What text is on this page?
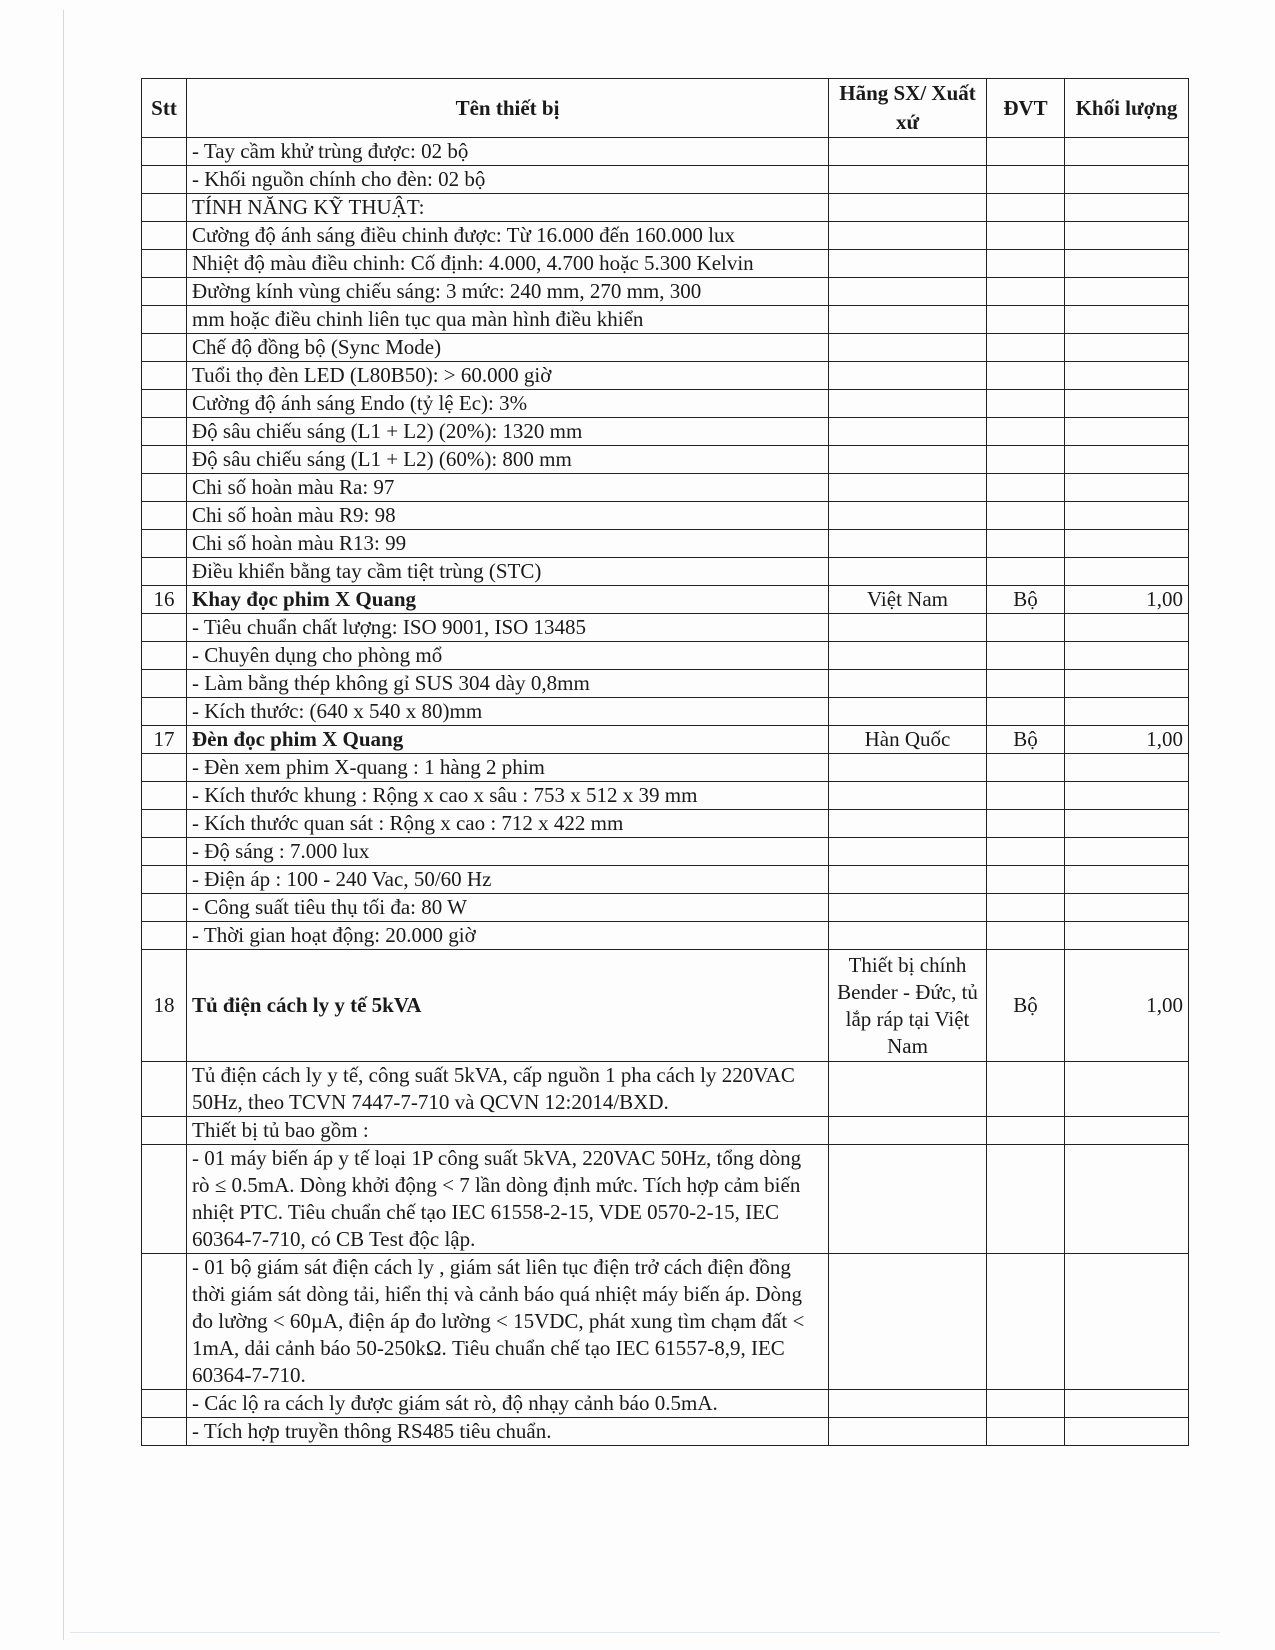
Stt	Tên thiết bị	Hãng SX/ Xuất xứ	ĐVT	Khối lượng
	- Tay cầm khử trùng được: 02 bộ			
	- Khối nguồn chính cho đèn: 02 bộ			
	TÍNH NĂNG KỸ THUẬT:			
	Cường độ ánh sáng điều chinh được: Từ 16.000 đến 160.000 lux			
	Nhiệt độ màu điều chinh: Cố định: 4.000, 4.700 hoặc 5.300 Kelvin			
	Đường kính vùng chiếu sáng: 3 mức: 240 mm, 270 mm, 300			
	mm hoặc điều chinh liên tục qua màn hình điều khiển			
	Chế độ đồng bộ (Sync Mode)			
	Tuổi thọ đèn LED (L80B50): > 60.000 giờ			
	Cường độ ánh sáng Endo (tỷ lệ Ec): 3%			
	Độ sâu chiếu sáng (L1 + L2) (20%): 1320 mm			
	Độ sâu chiếu sáng (L1 + L2) (60%): 800 mm			
	Chi số hoàn màu Ra: 97			
	Chi số hoàn màu R9: 98			
	Chi số hoàn màu R13: 99			
	Điều khiển bằng tay cầm tiệt trùng (STC)			
16	Khay đọc phim X Quang	Việt Nam	Bộ	1,00
	- Tiêu chuẩn chất lượng: ISO 9001, ISO 13485			
	- Chuyên dụng cho phòng mổ			
	- Làm bằng thép không gỉ SUS 304 dày 0,8mm			
	- Kích thước: (640 x 540 x 80)mm			
17	Đèn đọc phim X Quang	Hàn Quốc	Bộ	1,00
	- Đèn xem phim X-quang : 1 hàng 2 phim			
	- Kích thước khung : Rộng x cao x sâu : 753 x 512 x 39 mm			
	- Kích thước quan sát : Rộng x cao : 712 x 422 mm			
	- Độ sáng : 7.000 lux			
	- Điện áp : 100 - 240 Vac, 50/60 Hz			
	- Công suất tiêu thụ tối đa: 80 W			
	- Thời gian hoạt động: 20.000 giờ			
18	Tủ điện cách ly y tế 5kVA	Thiết bị chính Bender - Đức, tủ lắp ráp tại Việt Nam	Bộ	1,00
	Tủ điện cách ly y tế, công suất 5kVA, cấp nguồn 1 pha cách ly 220VAC 50Hz, theo TCVN 7447-7-710 và QCVN 12:2014/BXD.			
	Thiết bị tủ bao gồm :			
	- 01 máy biến áp y tế loại 1P công suất 5kVA, 220VAC 50Hz, tổng dòng rò ≤ 0.5mA. Dòng khởi động < 7 lần dòng định mức. Tích hợp cảm biến nhiệt PTC. Tiêu chuẩn chế tạo IEC 61558-2-15, VDE 0570-2-15, IEC 60364-7-710, có CB Test độc lập.			
	- 01 bộ giám sát điện cách ly , giám sát liên tục điện trở cách điện đồng thời giám sát dòng tải, hiển thị và cảnh báo quá nhiệt máy biến áp. Dòng đo lường < 60µA, điện áp đo lường < 15VDC, phát xung tìm chạm đất < 1mA, dải cảnh báo 50-250kΩ. Tiêu chuẩn chế tạo IEC 61557-8,9, IEC 60364-7-710.			
	- Các lộ ra cách ly được giám sát rò, độ nhạy cảnh báo 0.5mA.			
	- Tích hợp truyền thông RS485 tiêu chuẩn.			
